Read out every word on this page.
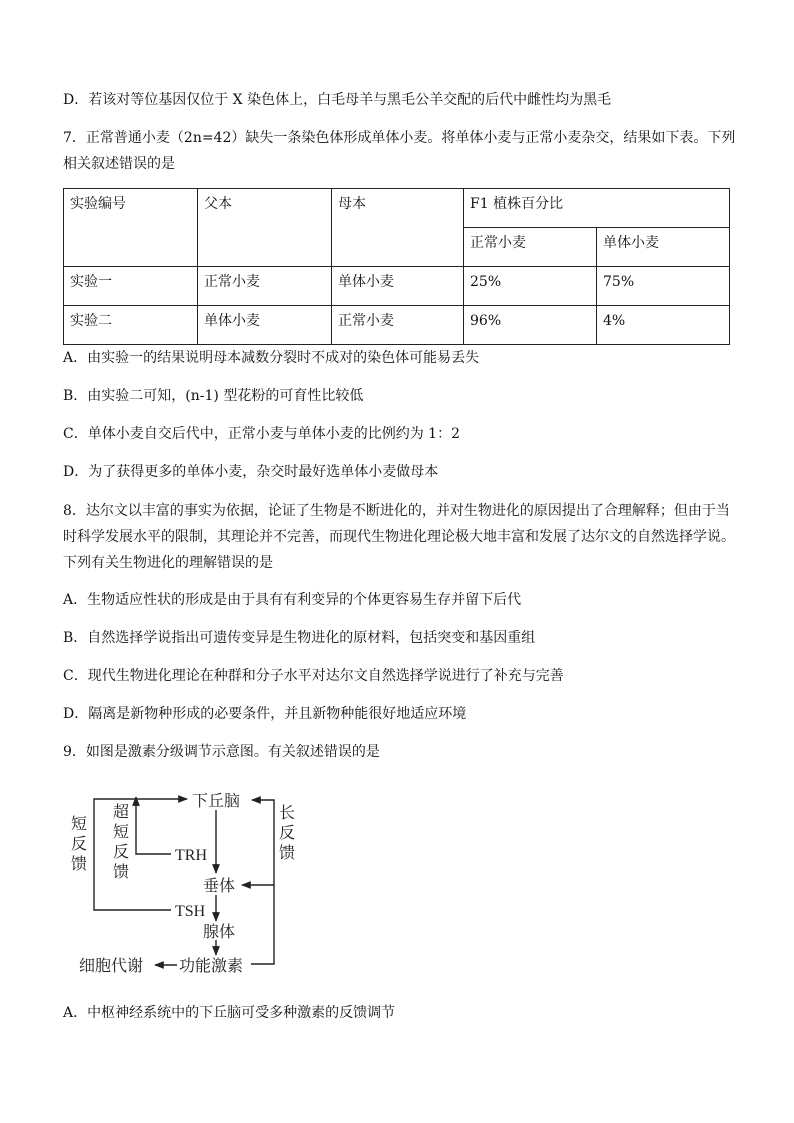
D．若该对等位基因仅位于 X 染色体上，白毛母羊与黑毛公羊交配的后代中雌性均为黑毛
7．正常普通小麦（2n=42）缺失一条染色体形成单体小麦。将单体小麦与正常小麦杂交，结果如下表。下列
相关叙述错误的是
实验编号	父本	母本	F1 植株百分比	
			正常小麦	单体小麦
实验一	正常小麦	单体小麦	25%	75%
实验二	单体小麦	正常小麦	96%	4%
A．由实验一的结果说明母本减数分裂时不成对的染色体可能易丢失
B．由实验二可知，(n-1) 型花粉的可育性比较低
C．单体小麦自交后代中，正常小麦与单体小麦的比例约为 1：2
D．为了获得更多的单体小麦，杂交时最好选单体小麦做母本
8．达尔文以丰富的事实为依据，论证了生物是不断进化的，并对生物进化的原因提出了合理解释；但由于当
时科学发展水平的限制，其理论并不完善，而现代生物进化理论极大地丰富和发展了达尔文的自然选择学说。
下列有关生物进化的理解错误的是
A．生物适应性状的形成是由于具有有利变异的个体更容易生存并留下后代
B．自然选择学说指出可遗传变异是生物进化的原材料，包括突变和基因重组
C．现代生物进化理论在种群和分子水平对达尔文自然选择学说进行了补充与完善
D．隔离是新物种形成的必要条件，并且新物种能很好地适应环境
9．如图是激素分级调节示意图。有关叙述错误的是
下丘脑
TRH
垂体
TSH
腺体
功能激素
细胞代谢
超
短
反
馈
短
反
馈
长
反
馈
A．中枢神经系统中的下丘脑可受多种激素的反馈调节
